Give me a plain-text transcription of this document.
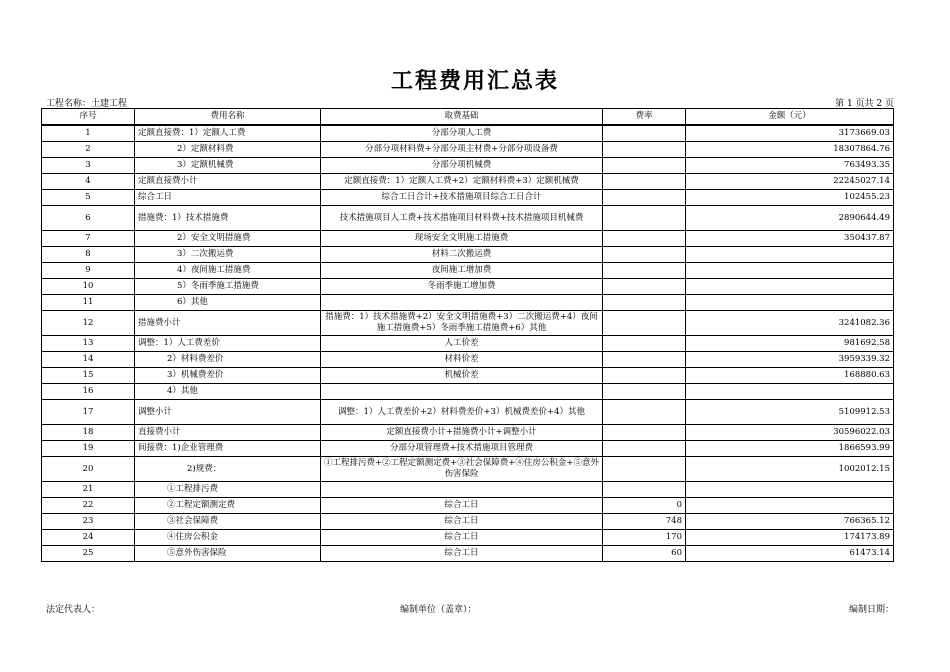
工程费用汇总表
工程名称：土建工程	第 1 页共 2 页
序号	费用名称	取费基础	费率	金额（元）
1	定额直接费：1）定额人工费	分部分项人工费		3173669.03
2	2）定额材料费	分部分项材料费+分部分项主材费+分部分项设备费		18307864.76
3	3）定额机械费	分部分项机械费		763493.35
4	定额直接费小计	定额直接费：1）定额人工费+2）定额材料费+3）定额机械费		22245027.14
5	综合工日	综合工日合计+技术措施项目综合工日合计		102455.23
6	措施费：1）技术措施费	技术措施项目人工费+技术措施项目材料费+技术措施项目机械费		2890644.49
7	2）安全文明措施费	现场安全文明施工措施费		350437.87
8	3）二次搬运费	材料二次搬运费		
9	4）夜间施工措施费	夜间施工增加费		
10	5）冬雨季施工措施费	冬雨季施工增加费		
11	6）其他			
12	措施费小计	措施费：1）技术措施费+2）安全文明措施费+3）二次搬运费+4）夜间施工措施费+5）冬雨季施工措施费+6）其他		3241082.36
13	调整：1）人工费差价	人工价差		981692.58
14	2）材料费差价	材料价差		3959339.32
15	3）机械费差价	机械价差		168880.63
16	4）其他			
17	调整小计	调整：1）人工费差价+2）材料费差价+3）机械费差价+4）其他		5109912.53
18	直接费小计	定额直接费小计+措施费小计+调整小计		30596022.03
19	间接费：1)企业管理费	分部分项管理费+技术措施项目管理费		1866593.99
20	2)规费：	①工程排污费+②工程定额测定费+③社会保障费+④住房公积金+⑤意外伤害保险		1002012.15
21	①工程排污费			
22	②工程定额测定费	综合工日	0	
23	③社会保障费	综合工日	748	766365.12
24	④住房公积金	综合工日	170	174173.89
25	⑤意外伤害保险	综合工日	60	61473.14
法定代表人：	编制单位（盖章）：	编制日期：
